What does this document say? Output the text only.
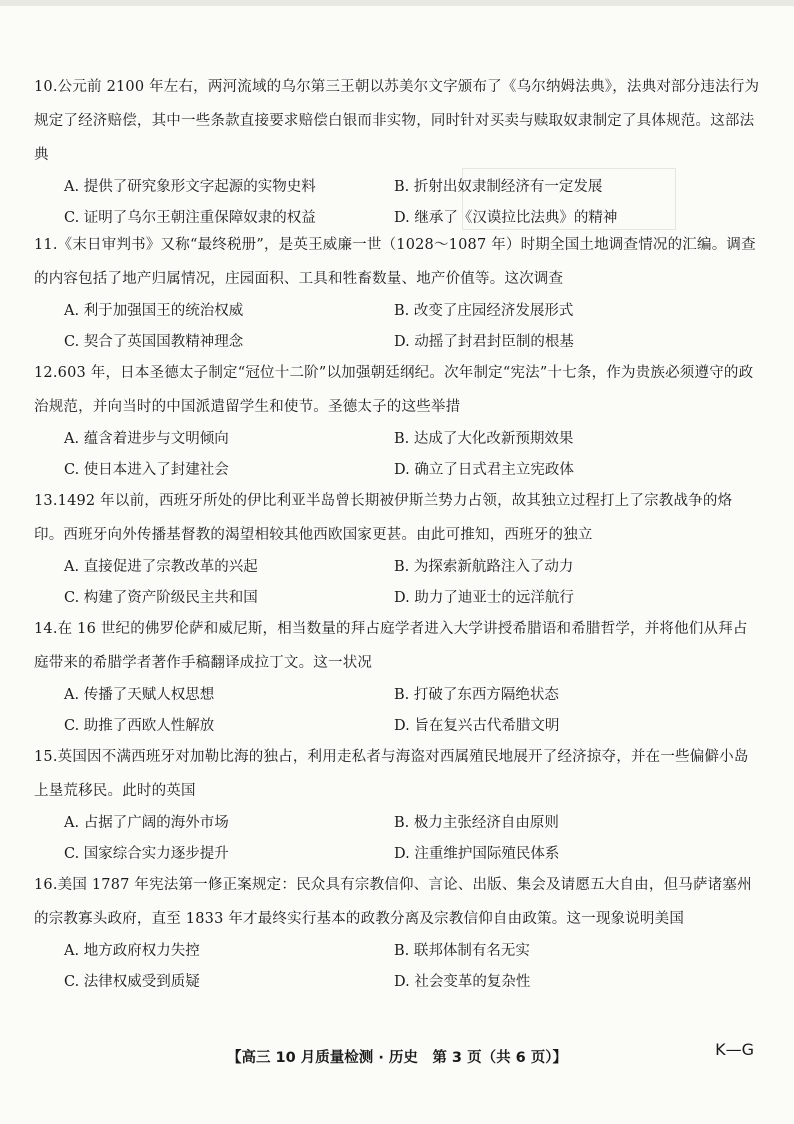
10.公元前 2100 年左右，两河流域的乌尔第三王朝以苏美尔文字颁布了《乌尔纳姆法典》，法典对部分违法行为规定了经济赔偿，其中一些条款直接要求赔偿白银而非实物，同时针对买卖与赎取奴隶制定了具体规范。这部法典
A. 提供了研究象形文字起源的实物史料	B. 折射出奴隶制经济有一定发展
C. 证明了乌尔王朝注重保障奴隶的权益	D. 继承了《汉谟拉比法典》的精神
11.《末日审判书》又称“最终税册”，是英王威廉一世（1028～1087 年）时期全国土地调查情况的汇编。调查的内容包括了地产归属情况，庄园面积、工具和牲畜数量、地产价值等。这次调查
A. 利于加强国王的统治权威	B. 改变了庄园经济发展形式
C. 契合了英国国教精神理念	D. 动摇了封君封臣制的根基
12.603 年，日本圣德太子制定“冠位十二阶”以加强朝廷纲纪。次年制定“宪法”十七条，作为贵族必须遵守的政治规范，并向当时的中国派遣留学生和使节。圣德太子的这些举措
A. 蕴含着进步与文明倾向	B. 达成了大化改新预期效果
C. 使日本进入了封建社会	D. 确立了日式君主立宪政体
13.1492 年以前，西班牙所处的伊比利亚半岛曾长期被伊斯兰势力占领，故其独立过程打上了宗教战争的烙印。西班牙向外传播基督教的渴望相较其他西欧国家更甚。由此可推知，西班牙的独立
A. 直接促进了宗教改革的兴起	B. 为探索新航路注入了动力
C. 构建了资产阶级民主共和国	D. 助力了迪亚士的远洋航行
14.在 16 世纪的佛罗伦萨和威尼斯，相当数量的拜占庭学者进入大学讲授希腊语和希腊哲学，并将他们从拜占庭带来的希腊学者著作手稿翻译成拉丁文。这一状况
A. 传播了天赋人权思想	B. 打破了东西方隔绝状态
C. 助推了西欧人性解放	D. 旨在复兴古代希腊文明
15.英国因不满西班牙对加勒比海的独占，利用走私者与海盗对西属殖民地展开了经济掠夺，并在一些偏僻小岛上垦荒移民。此时的英国
A. 占据了广阔的海外市场	B. 极力主张经济自由原则
C. 国家综合实力逐步提升	D. 注重维护国际殖民体系
16.美国 1787 年宪法第一修正案规定：民众具有宗教信仰、言论、出版、集会及请愿五大自由，但马萨诸塞州的宗教寡头政府，直至 1833 年才最终实行基本的政教分离及宗教信仰自由政策。这一现象说明美国
A. 地方政府权力失控	B. 联邦体制有名无实
C. 法律权威受到质疑	D. 社会变革的复杂性
【高三 10 月质量检测 · 历史　第 3 页（共 6 页）】	K—G
